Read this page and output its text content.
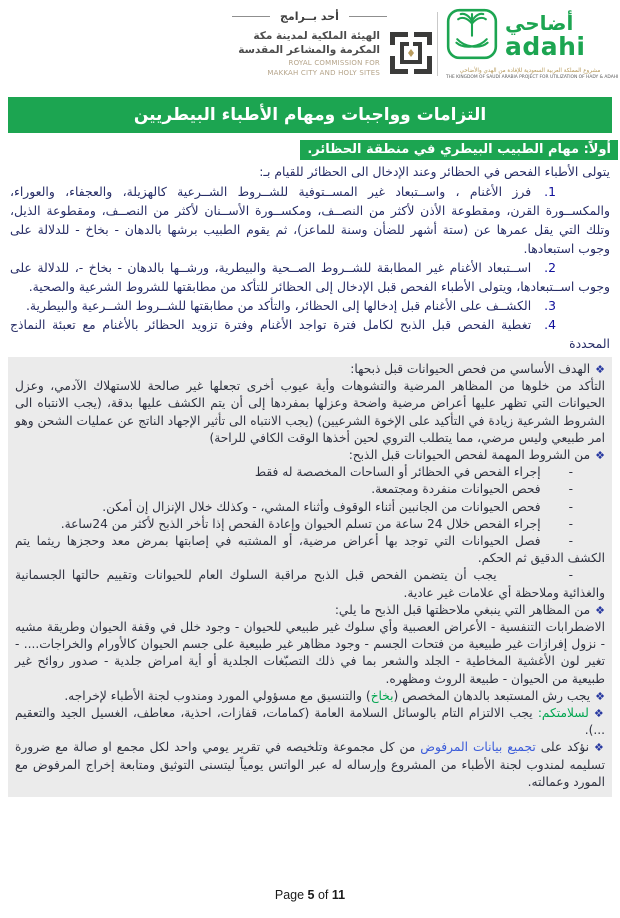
أحد بــرامج
الهيئة الملكية لمدينة مكة المكرمة والمشاعر المقدسة
ROYAL COMMISSION FOR
MAKKAH CITY AND HOLY SITES
أضاحي
adahi
مشروع المملكة العربية السعودية للإفادة من الهدي والأضاحي
THE KINGDOM OF SAUDI ARABIA PROJECT FOR UTILIZATION OF HADY & ADAHI
التزامات وواجبات ومهام الأطباء البيطريين
أولاً: مهام الطبيب البيطري في منطقة الحظائر.

يتولى الأطباء الفحص في الحظائر وعند الإدخال الى الحظائر للقيام بـ:

1.فرز الأغنام ، واســتبعاد غير المســتوفية للشــروط الشــرعية كالهزيلة، والعجفاء، والعوراء، والمكســورة القرن، ومقطوعة الأذن لأكثر من النصــف، ومكســورة الأســنان لأكثر من النصــف، ومقطوعة الذيل، وتلك التي يقل عمرها عن (ستة أشهر للضأن وسنة للماعز)، ثم يقوم الطبيب برشها بالدهان - بخاخ - للدلالة على وجوب استبعادها.

2.اســتبعاد الأغنام غير المطابقة للشــروط الصــحية والبيطرية، ورشــها بالدهان - بخاخ -، للدلالة على وجوب اســتبعادها، ويتولى الأطباء الفحص قبل الإدخال إلى الحظائر للتأكد من مطابقتها للشروط الشرعية والصحية.

3.الكشــف على الأغنام قبل إدخالها إلى الحظائر، والتأكد من مطابقتها للشــروط الشــرعية والبيطرية.

4.تغطية الفحص قبل الذبح لكامل فترة تواجد الأغنام وفترة تزويد الحظائر بالأغنام مع تعبئة النماذج المحددة

❖الهدف الأساسي من فحص الحيوانات قبل ذبحها:

التأكد من خلوها من المظاهر المرضية والتشوهات وأية عيوب أخرى تجعلها غير صالحة للاستهلاك الآدمي، وعزل الحيوانات التي تظهر عليها أعراض مرضية واضحة وعزلها بمفردها إلى أن يتم الكشف عليها بدقة، (يجب الانتباه الى الشروط الشرعية زيادة في التأكيد على الإخوة الشرعيين) (يجب الانتباه الى تأثير الإجهاد الناتج عن عمليات الشحن وهو امر طبيعي وليس مرضي، مما يتطلب التروي لحين أخذها الوقت الكافي للراحة)

❖من الشروط المهمة لفحص الحيوانات قبل الذبح:

-إجراء الفحص في الحظائر أو الساحات المخصصة له فقط

-فحص الحيوانات منفردة ومجتمعة.

-فحص الحيوانات من الجانبين أثناء الوقوف وأثناء المشي، - وكذلك خلال الإنزال إن أمكن.

-إجراء الفحص خلال 24 ساعة من تسلم الحيوان وإعادة الفحص إذا تأخر الذبح لأكثر من 24ساعة.

-فصل الحيوانات التي توجد بها أعراض مرضية، أو المشتبه في إصابتها بمرض معد وحجزها ريثما يتم الكشف الدقيق ثم الحكم.

-يجب أن يتضمن الفحص قبل الذبح مراقبة السلوك العام للحيوانات وتقييم حالتها الجسمانية والغذائية وملاحظة أي علامات غير عادية.

❖من المظاهر التي ينبغي ملاحظتها قبل الذبح ما يلي:

الاضطرابات التنفسية - الأعراض العصبية وأي سلوك غير طبيعي للحيوان - وجود خلل في وقفة الحيوان وطريقة مشيه - نزول إفرازات غير طبيعية من فتحات الجسم - وجود مظاهر غير طبيعية على جسم الحيوان كالأورام والخراجات.... - تغير لون الأغشية المخاطية - الجلد والشعر بما في ذلك التصبّغات الجلدية أو أية امراض جلدية - صدور روائح غير طبيعية من الحيوان - طبيعة الروث ومظهره.

❖يجب رش المستبعد بالدهان المخصص (بخاخ) والتنسيق مع مسؤولي المورد ومندوب لجنة الأطباء لإخراجه.

❖لسلامتكم: يجب الالتزام التام بالوسائل السلامة العامة (كمامات، قفازات، احذية، معاطف، الغسيل الجيد والتعقيم ...).

❖نؤكد على تجميع بيانات المرفوض من كل مجموعة وتلخيصه في تقرير يومي واحد لكل مجمع او صالة مع ضرورة تسليمه لمندوب لجنة الأطباء من المشروع وإرساله له عبر الواتس يومياً ليتسنى التوثيق ومتابعة إخراج المرفوض مع المورد وعمالته.

Page 5 of 11
